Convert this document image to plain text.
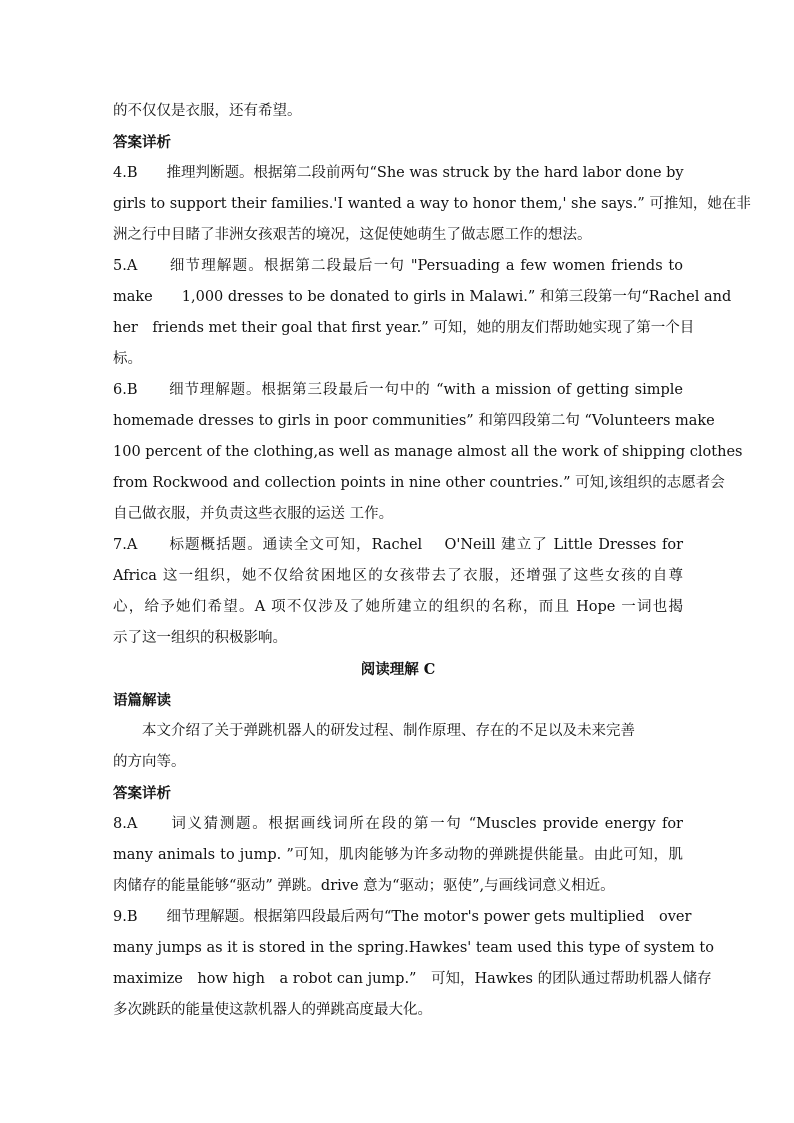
的不仅仅是衣服，还有希望。
答案详析
4.B　　推理判断题。根据第二段前两句“She was struck by the hard labor done by
girls to support their families.'I wanted a way to honor them,' she says.” 可推知，她在非
洲之行中目睹了非洲女孩艰苦的境况，这促使她萌生了做志愿工作的想法。
5.A　　细节理解题。根据第二段最后一句 "Persuading a few women friends to
make　　1,000 dresses to be donated to girls in Malawi.” 和第三段第一句“Rachel and
her　friends met their goal that first year.” 可知，她的朋友们帮助她实现了第一个目
标。
6.B　　细节理解题。根据第三段最后一句中的 “with a mission of getting simple
homemade dresses to girls in poor communities” 和第四段第二句 “Volunteers make
100 percent of the clothing,as well as manage almost all the work of shipping clothes
from Rockwood and collection points in nine other countries.” 可知,该组织的志愿者会
自己做衣服，并负责这些衣服的运送 工作。
7.A　　标题概括题。通读全文可知，Rachel　 O'Neill 建立了 Little Dresses for
Africa 这一组织，她不仅给贫困地区的女孩带去了衣服，还增强了这些女孩的自尊
心，给予她们希望。A 项不仅涉及了她所建立的组织的名称，而且 Hope 一词也揭
示了这一组织的积极影响。
阅读理解 C
语篇解读
本文介绍了关于弹跳机器人的研发过程、制作原理、存在的不足以及未来完善
的方向等。
答案详析
8.A　　词义猜测题。根据画线词所在段的第一句 “Muscles provide energy for
many animals to jump. ”可知，肌肉能够为许多动物的弹跳提供能量。由此可知，肌
肉储存的能量能够“驱动” 弹跳。drive 意为“驱动；驱使”,与画线词意义相近。
9.B　　细节理解题。根据第四段最后两句“The motor's power gets multiplied　over
many jumps as it is stored in the spring.Hawkes' team used this type of system to
maximize　how high　a robot can jump.”　可知，Hawkes 的团队通过帮助机器人储存
多次跳跃的能量使这款机器人的弹跳高度最大化。
